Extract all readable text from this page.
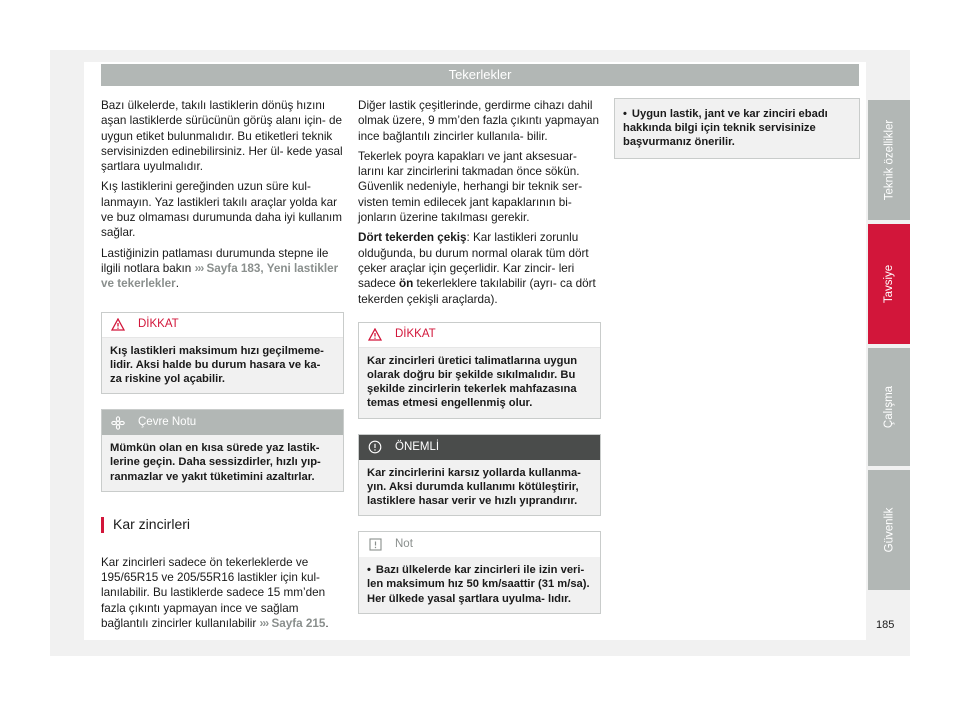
Tekerlekler

Bazı ülkelerde, takılı lastiklerin dönüş hızını aşan lastiklerde sürücünün görüş alanı için- de uygun etiket bulunmalıdır. Bu etiketleri teknik servisinizden edinebilirsiniz. Her ül- kede yasal şartlara uyulmalıdır.

Kış lastiklerini gereğinden uzun süre kul- lanmayın. Yaz lastikleri takılı araçlar yolda kar ve buz olmaması durumunda daha iyi kullanım sağlar.

Lastiğinizin patlaması durumunda stepne ile ilgili notlara bakın ››› Sayfa 183, Yeni lastikler ve tekerlekler.

DİKKAT
Kış lastikleri maksimum hızı geçilmeme- lidir. Aksi halde bu durum hasara ve ka- za riskine yol açabilir.
Çevre Notu
Mümkün olan en kısa sürede yaz lastik- lerine geçin. Daha sessizdirler, hızlı yıp- ranmazlar ve yakıt tüketimini azaltırlar.
Kar zincirleri

Kar zincirleri sadece ön tekerleklerde ve 195/65R15 ve 205/55R16 lastikler için kul- lanılabilir. Bu lastiklerde sadece 15 mm’den fazla çıkıntı yapmayan ince ve sağlam bağlantılı zincirler kullanılabilir ››› Sayfa 215.

Diğer lastik çeşitlerinde, gerdirme cihazı dahil olmak üzere, 9 mm’den fazla çıkıntı yapmayan ince bağlantılı zincirler kullanıla- bilir.

Tekerlek poyra kapakları ve jant aksesuar- larını kar zincirlerini takmadan önce sökün. Güvenlik nedeniyle, herhangi bir teknik ser- visten temin edilecek jant kapaklarının bi- jonların üzerine takılması gerekir.

Dört tekerden çekiş: Kar lastikleri zorunlu olduğunda, bu durum normal olarak tüm dört çeker araçlar için geçerlidir. Kar zincir- leri sadece ön tekerleklere takılabilir (ayrı- ca dört tekerden çekişli araçlarda).

DİKKAT
Kar zincirleri üretici talimatlarına uygun olarak doğru bir şekilde sıkılmalıdır. Bu şekilde zincirlerin tekerlek mahfazasına temas etmesi engellenmiş olur.
ÖNEMLİ
Kar zincirlerini karsız yollarda kullanma- yın. Aksi durumda kullanımı kötüleştirir, lastiklere hasar verir ve hızlı yıprandırır.
Not
• Bazı ülkelerde kar zincirleri ile izin veri- len maksimum hız 50 km/saattir (31 m/sa). Her ülkede yasal şartlara uyulma- lıdır.
• Uygun lastik, jant ve kar zinciri ebadı hakkında bilgi için teknik servisinize başvurmanız önerilir.	Teknik özellikler
Tavsiye
Çalışma
Güvenlik
185
